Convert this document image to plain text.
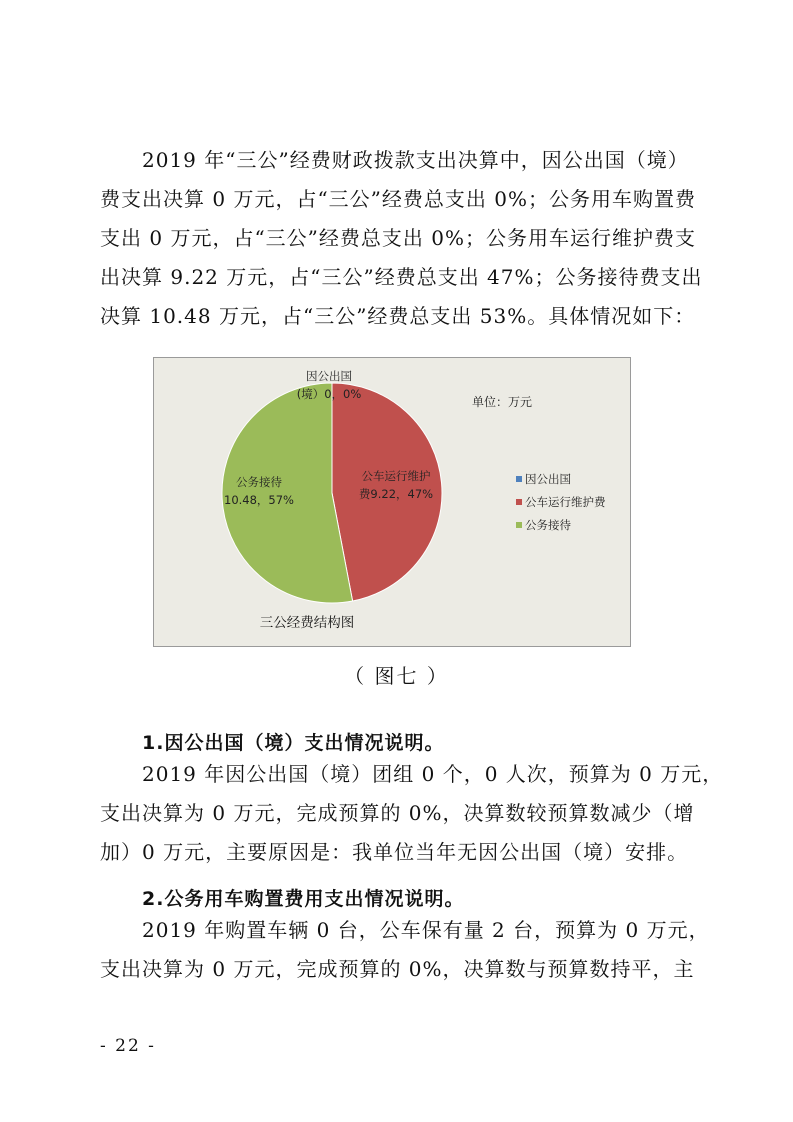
2019 年“三公”经费财政拨款支出决算中，因公出国（境）
费支出决算 0 万元，占“三公”经费总支出 0%；公务用车购置费
支出 0 万元，占“三公”经费总支出 0%；公务用车运行维护费支
出决算 9.22 万元，占“三公”经费总支出 47%；公务接待费支出
决算 10.48 万元，占“三公”经费总支出 53%。具体情况如下：
因公出国
(境）0，0%
公车运行维护
费9.22，47%
公务接待
10.48，57%
单位：万元
因公出国
公车运行维护费
公务接待
三公经费结构图
（ 图七 ）
1.因公出国（境）支出情况说明。
2019 年因公出国（境）团组 0 个，0 人次，预算为 0 万元，
支出决算为 0 万元，完成预算的 0%，决算数较预算数减少（增
加）0 万元，主要原因是：我单位当年无因公出国（境）安排。
2.公务用车购置费用支出情况说明。
2019 年购置车辆 0 台，公车保有量 2 台，预算为 0 万元，
支出决算为 0 万元，完成预算的 0%，决算数与预算数持平，主
- 22 -
